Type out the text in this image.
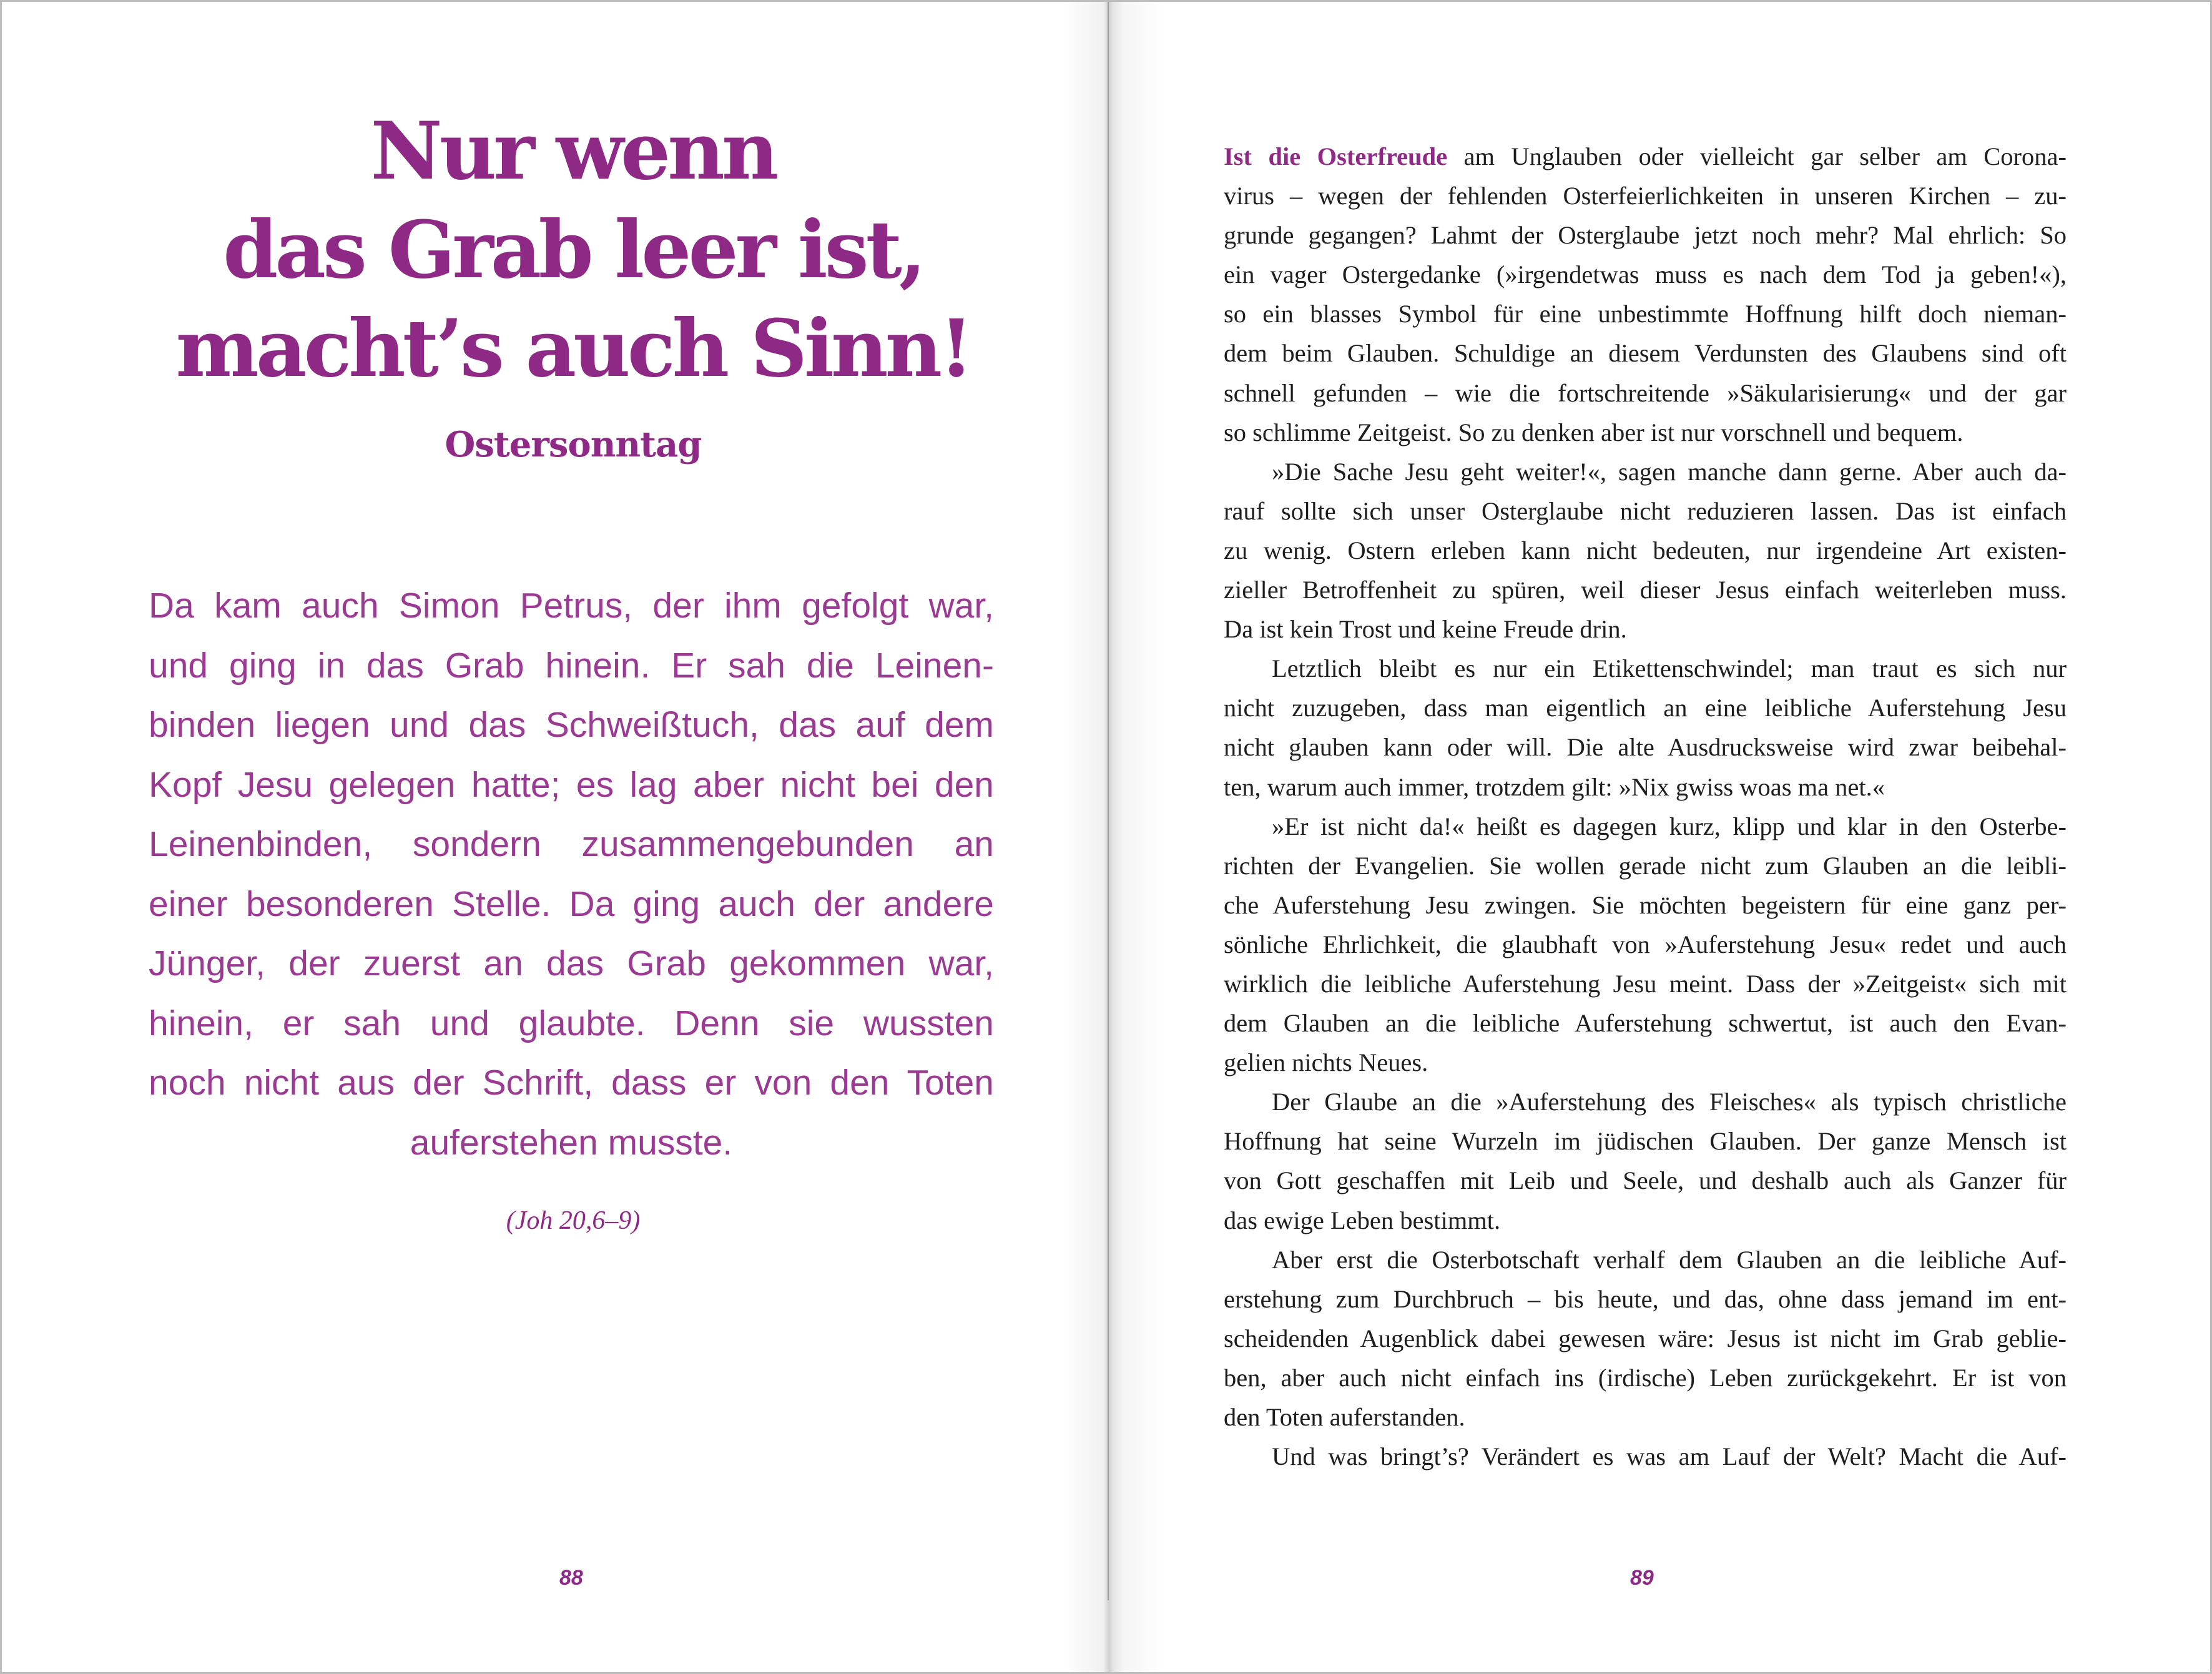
Nur wenn
das Grab leer ist,
macht’s auch Sinn!
Ostersonntag
Da kam auch Simon Petrus, der ihm gefolgt war,
und ging in das Grab hinein. Er sah die Leinen-
binden liegen und das Schweißtuch, das auf dem
Kopf Jesu gelegen hatte; es lag aber nicht bei den
Leinenbinden, sondern zusammengebunden an
einer besonderen Stelle. Da ging auch der andere
Jünger, der zuerst an das Grab gekommen war,
hinein, er sah und glaubte. Denn sie wussten
noch nicht aus der Schrift, dass er von den Toten
auferstehen musste.
(Joh 20,6–9)
88
Ist die Osterfreude am Unglauben oder vielleicht gar selber am Corona-
virus – wegen der fehlenden Osterfeierlichkeiten in unseren Kirchen – zu-
grunde gegangen? Lahmt der Osterglaube jetzt noch mehr? Mal ehrlich: So
ein vager Ostergedanke (»irgendetwas muss es nach dem Tod ja geben!«),
so ein blasses Symbol für eine unbestimmte Hoffnung hilft doch nieman-
dem beim Glauben. Schuldige an diesem Verdunsten des Glaubens sind oft
schnell gefunden – wie die fortschreitende »Säkularisierung« und der gar
so schlimme Zeitgeist. So zu denken aber ist nur vorschnell und bequem.
»Die Sache Jesu geht weiter!«, sagen manche dann gerne. Aber auch da-
rauf sollte sich unser Osterglaube nicht reduzieren lassen. Das ist einfach
zu wenig. Ostern erleben kann nicht bedeuten, nur irgendeine Art existen-
zieller Betroffenheit zu spüren, weil dieser Jesus einfach weiterleben muss.
Da ist kein Trost und keine Freude drin.
Letztlich bleibt es nur ein Etikettenschwindel; man traut es sich nur
nicht zuzugeben, dass man eigentlich an eine leibliche Auferstehung Jesu
nicht glauben kann oder will. Die alte Ausdrucksweise wird zwar beibehal-
ten, warum auch immer, trotzdem gilt: »Nix gwiss woas ma net.«
»Er ist nicht da!« heißt es dagegen kurz, klipp und klar in den Osterbe-
richten der Evangelien. Sie wollen gerade nicht zum Glauben an die leibli-
che Auferstehung Jesu zwingen. Sie möchten begeistern für eine ganz per-
sönliche Ehrlichkeit, die glaubhaft von »Auferstehung Jesu« redet und auch
wirklich die leibliche Auferstehung Jesu meint. Dass der »Zeitgeist« sich mit
dem Glauben an die leibliche Auferstehung schwertut, ist auch den Evan-
gelien nichts Neues.
Der Glaube an die »Auferstehung des Fleisches« als typisch christliche
Hoffnung hat seine Wurzeln im jüdischen Glauben. Der ganze Mensch ist
von Gott geschaffen mit Leib und Seele, und deshalb auch als Ganzer für
das ewige Leben bestimmt.
Aber erst die Osterbotschaft verhalf dem Glauben an die leibliche Auf-
erstehung zum Durchbruch – bis heute, und das, ohne dass jemand im ent-
scheidenden Augenblick dabei gewesen wäre: Jesus ist nicht im Grab geblie-
ben, aber auch nicht einfach ins (irdische) Leben zurückgekehrt. Er ist von
den Toten auferstanden.
Und was bringt’s? Verändert es was am Lauf der Welt? Macht die Auf-
89
